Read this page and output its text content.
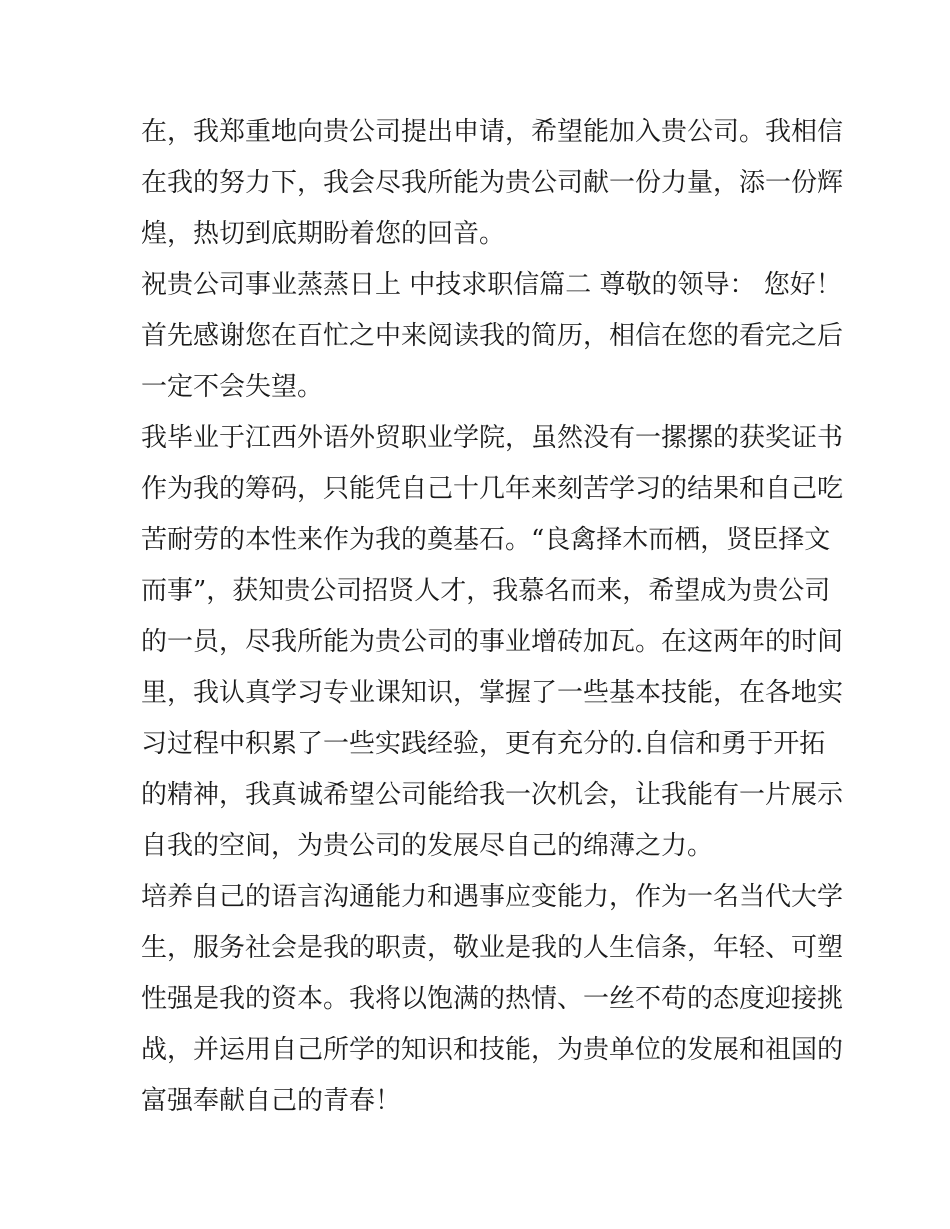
在，我郑重地向贵公司提出申请，希望能加入贵公司。我相信
在我的努力下，我会尽我所能为贵公司献一份力量，添一份辉
煌，热切到底期盼着您的回音。

祝贵公司事业蒸蒸日上 中技求职信篇二 尊敬的领导： 您好！
首先感谢您在百忙之中来阅读我的简历，相信在您的看完之后
一定不会失望。

我毕业于江西外语外贸职业学院，虽然没有一摞摞的获奖证书
作为我的筹码，只能凭自己十几年来刻苦学习的结果和自己吃
苦耐劳的本性来作为我的奠基石。“良禽择木而栖，贤臣择文
而事”，获知贵公司招贤人才，我慕名而来，希望成为贵公司
的一员，尽我所能为贵公司的事业增砖加瓦。在这两年的时间
里，我认真学习专业课知识，掌握了一些基本技能，在各地实
习过程中积累了一些实践经验，更有充分的.自信和勇于开拓
的精神，我真诚希望公司能给我一次机会，让我能有一片展示
自我的空间，为贵公司的发展尽自己的绵薄之力。

培养自己的语言沟通能力和遇事应变能力，作为一名当代大学
生，服务社会是我的职责，敬业是我的人生信条，年轻、可塑
性强是我的资本。我将以饱满的热情、一丝不苟的态度迎接挑
战，并运用自己所学的知识和技能，为贵单位的发展和祖国的
富强奉献自己的青春！
